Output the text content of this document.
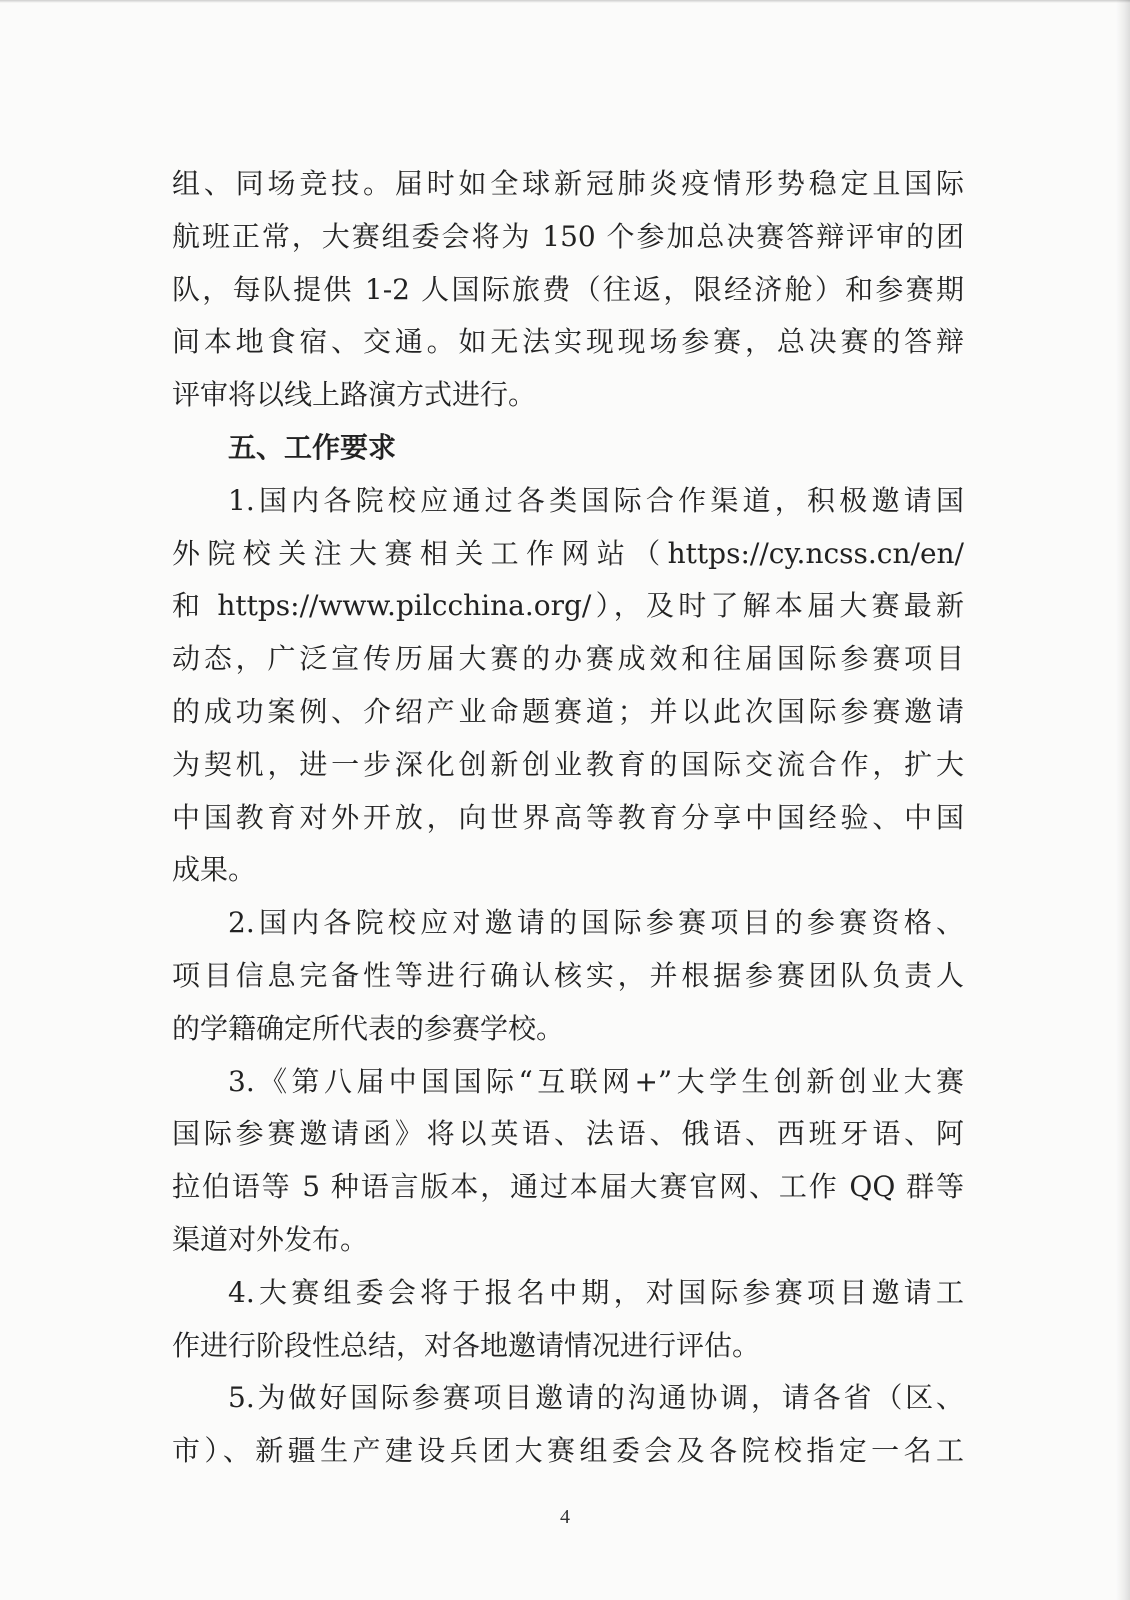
组、同场竞技。届时如全球新冠肺炎疫情形势稳定且国际
航班正常，大赛组委会将为 150 个参加总决赛答辩评审的团
队，每队提供 1-2 人国际旅费（往返，限经济舱）和参赛期
间本地食宿、交通。如无法实现现场参赛，总决赛的答辩
评审将以线上路演方式进行。
五、工作要求
1.国内各院校应通过各类国际合作渠道，积极邀请国
外院校关注大赛相关工作网站（https://cy.ncss.cn/en/
和 https://www.pilcchina.org/），及时了解本届大赛最新
动态，广泛宣传历届大赛的办赛成效和往届国际参赛项目
的成功案例、介绍产业命题赛道；并以此次国际参赛邀请
为契机，进一步深化创新创业教育的国际交流合作，扩大
中国教育对外开放，向世界高等教育分享中国经验、中国
成果。
2.国内各院校应对邀请的国际参赛项目的参赛资格、
项目信息完备性等进行确认核实，并根据参赛团队负责人
的学籍确定所代表的参赛学校。
3.《第八届中国国际“互联网+”大学生创新创业大赛
国际参赛邀请函》将以英语、法语、俄语、西班牙语、阿
拉伯语等 5 种语言版本，通过本届大赛官网、工作 QQ 群等
渠道对外发布。
4.大赛组委会将于报名中期，对国际参赛项目邀请工
作进行阶段性总结，对各地邀请情况进行评估。
5.为做好国际参赛项目邀请的沟通协调，请各省（区、
市）、新疆生产建设兵团大赛组委会及各院校指定一名工
4
